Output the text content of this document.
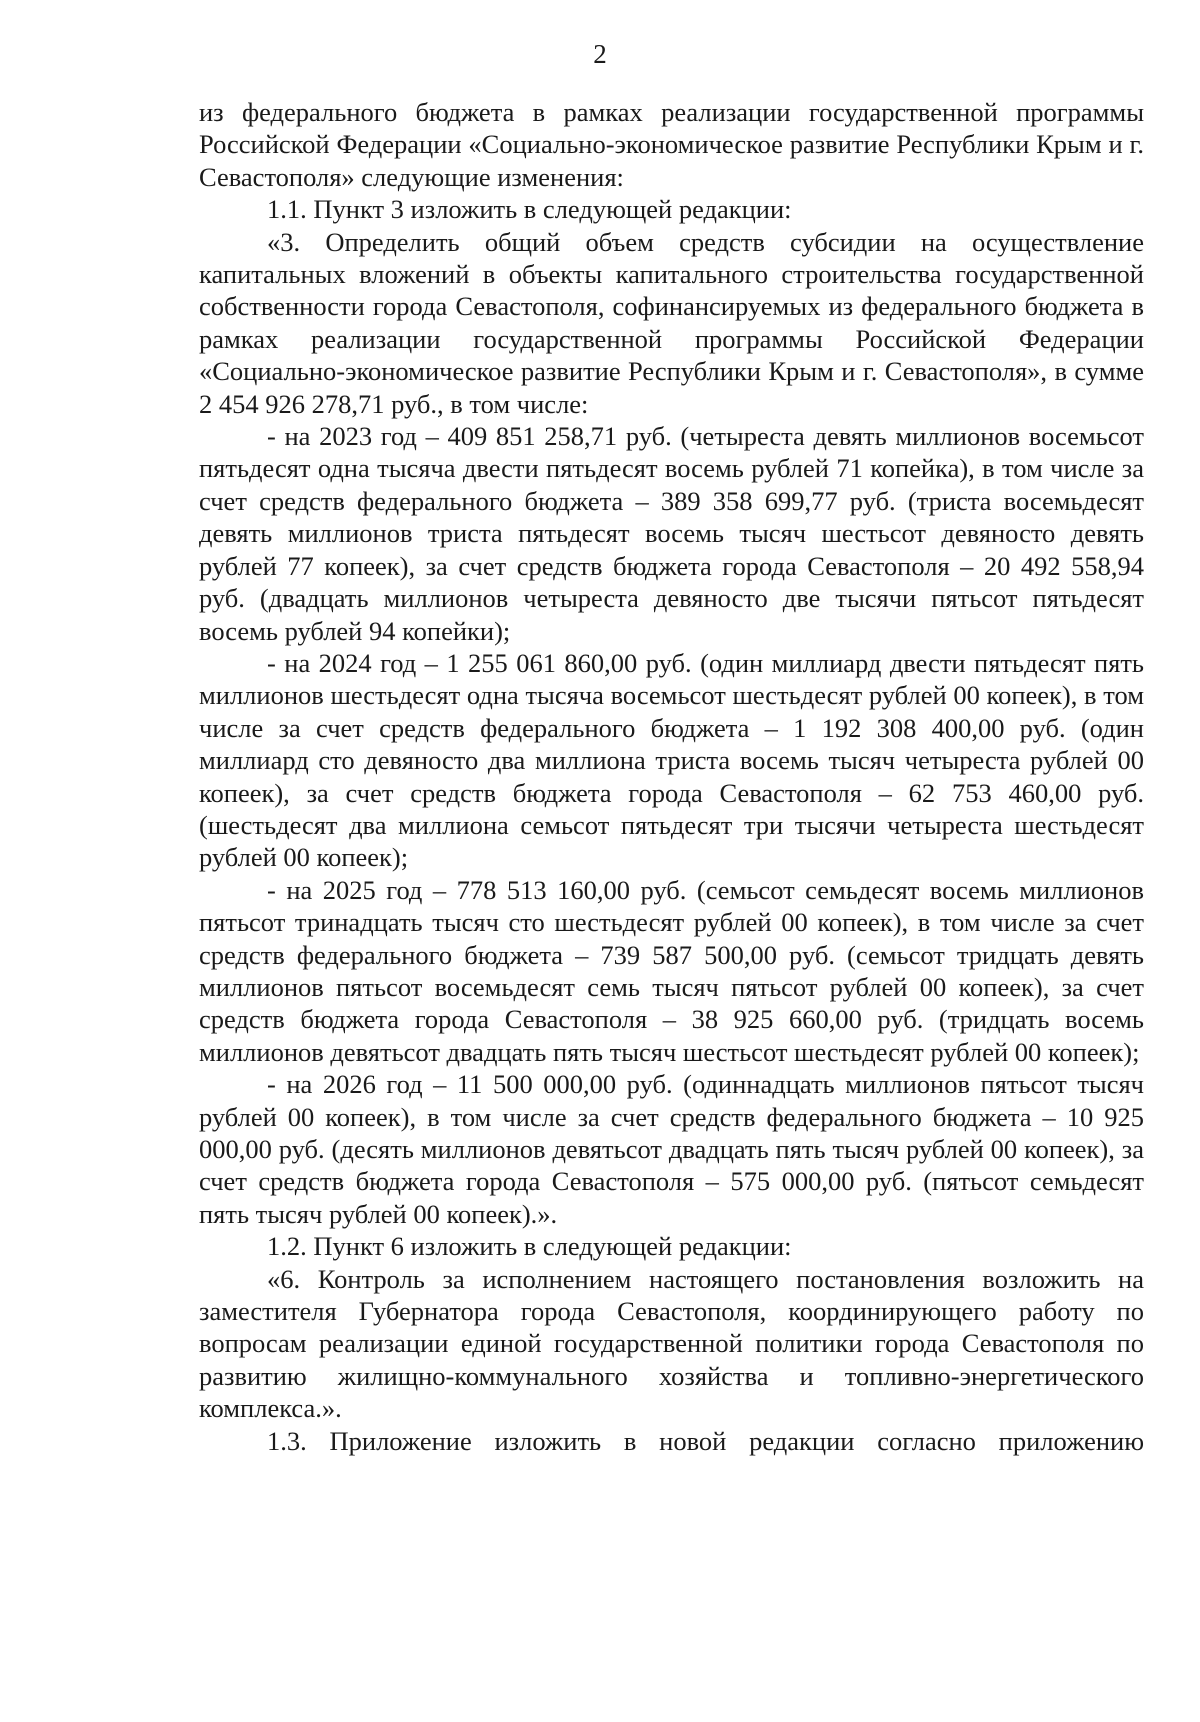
2

из федерального бюджета в рамках реализации государственной программы Российской Федерации «Социально-экономическое развитие Республики Крым и г. Севастополя» следующие изменения:

1.1. Пункт 3 изложить в следующей редакции:

«3. Определить общий объем средств субсидии на осуществление капитальных вложений в объекты капитального строительства государственной собственности города Севастополя, софинансируемых из федерального бюджета в рамках реализации государственной программы Российской Федерации «Социально-экономическое развитие Республики Крым и г. Севастополя», в сумме 2 454 926 278,71 руб., в том числе:

- на 2023 год – 409 851 258,71 руб. (четыреста девять миллионов восемьсот пятьдесят одна тысяча двести пятьдесят восемь рублей 71 копейка), в том числе за счет средств федерального бюджета – 389 358 699,77 руб. (триста восемьдесят девять миллионов триста пятьдесят восемь тысяч шестьсот девяносто девять рублей 77 копеек), за счет средств бюджета города Севастополя – 20 492 558,94 руб. (двадцать миллионов четыреста девяносто две тысячи пятьсот пятьдесят восемь рублей 94 копейки);

- на 2024 год – 1 255 061 860,00 руб. (один миллиард двести пятьдесят пять миллионов шестьдесят одна тысяча восемьсот шестьдесят рублей 00 копеек), в том числе за счет средств федерального бюджета – 1 192 308 400,00 руб. (один миллиард сто девяносто два миллиона триста восемь тысяч четыреста рублей 00 копеек), за счет средств бюджета города Севастополя – 62 753 460,00 руб. (шестьдесят два миллиона семьсот пятьдесят три тысячи четыреста шестьдесят рублей 00 копеек);

- на 2025 год – 778 513 160,00 руб. (семьсот семьдесят восемь миллионов пятьсот тринадцать тысяч сто шестьдесят рублей 00 копеек), в том числе за счет средств федерального бюджета – 739 587 500,00 руб. (семьсот тридцать девять миллионов пятьсот восемьдесят семь тысяч пятьсот рублей 00 копеек), за счет средств бюджета города Севастополя – 38 925 660,00 руб. (тридцать восемь миллионов девятьсот двадцать пять тысяч шестьсот шестьдесят рублей 00 копеек);

- на 2026 год – 11 500 000,00 руб. (одиннадцать миллионов пятьсот тысяч рублей 00 копеек), в том числе за счет средств федерального бюджета – 10 925 000,00 руб. (десять миллионов девятьсот двадцать пять тысяч рублей 00 копеек), за счет средств бюджета города Севастополя – 575 000,00 руб. (пятьсот семьдесят пять тысяч рублей 00 копеек).».

1.2. Пункт 6 изложить в следующей редакции:

«6. Контроль за исполнением настоящего постановления возложить на заместителя Губернатора города Севастополя, координирующего работу по вопросам реализации единой государственной политики города Севастополя по развитию жилищно-коммунального хозяйства и топливно-энергетического комплекса.».

1.3. Приложение изложить в новой редакции согласно приложению
